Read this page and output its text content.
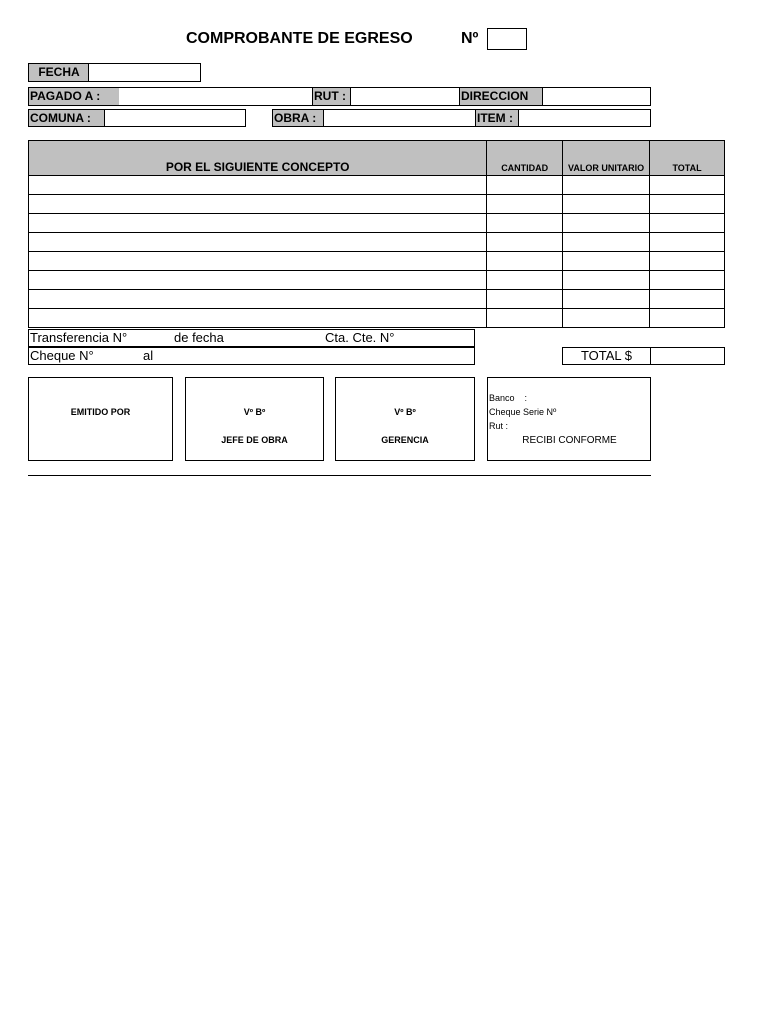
COMPROBANTE DE EGRESO	Nº
FECHA
PAGADO A :	RUT :	DIRECCION
COMUNA :	OBRA :	ITEM :
POR EL SIGUIENTE CONCEPTO	CANTIDAD	VALOR UNITARIO	TOTAL

Transferencia N°	de fecha	Cta. Cte. N°
Cheque N°	al	TOTAL $
EMITIDO POR	Vº Bº
JEFE DE OBRA
Vº Bº
GERENCIA
Banco    :
Cheque Serie Nº
Rut :
RECIBI CONFORME
